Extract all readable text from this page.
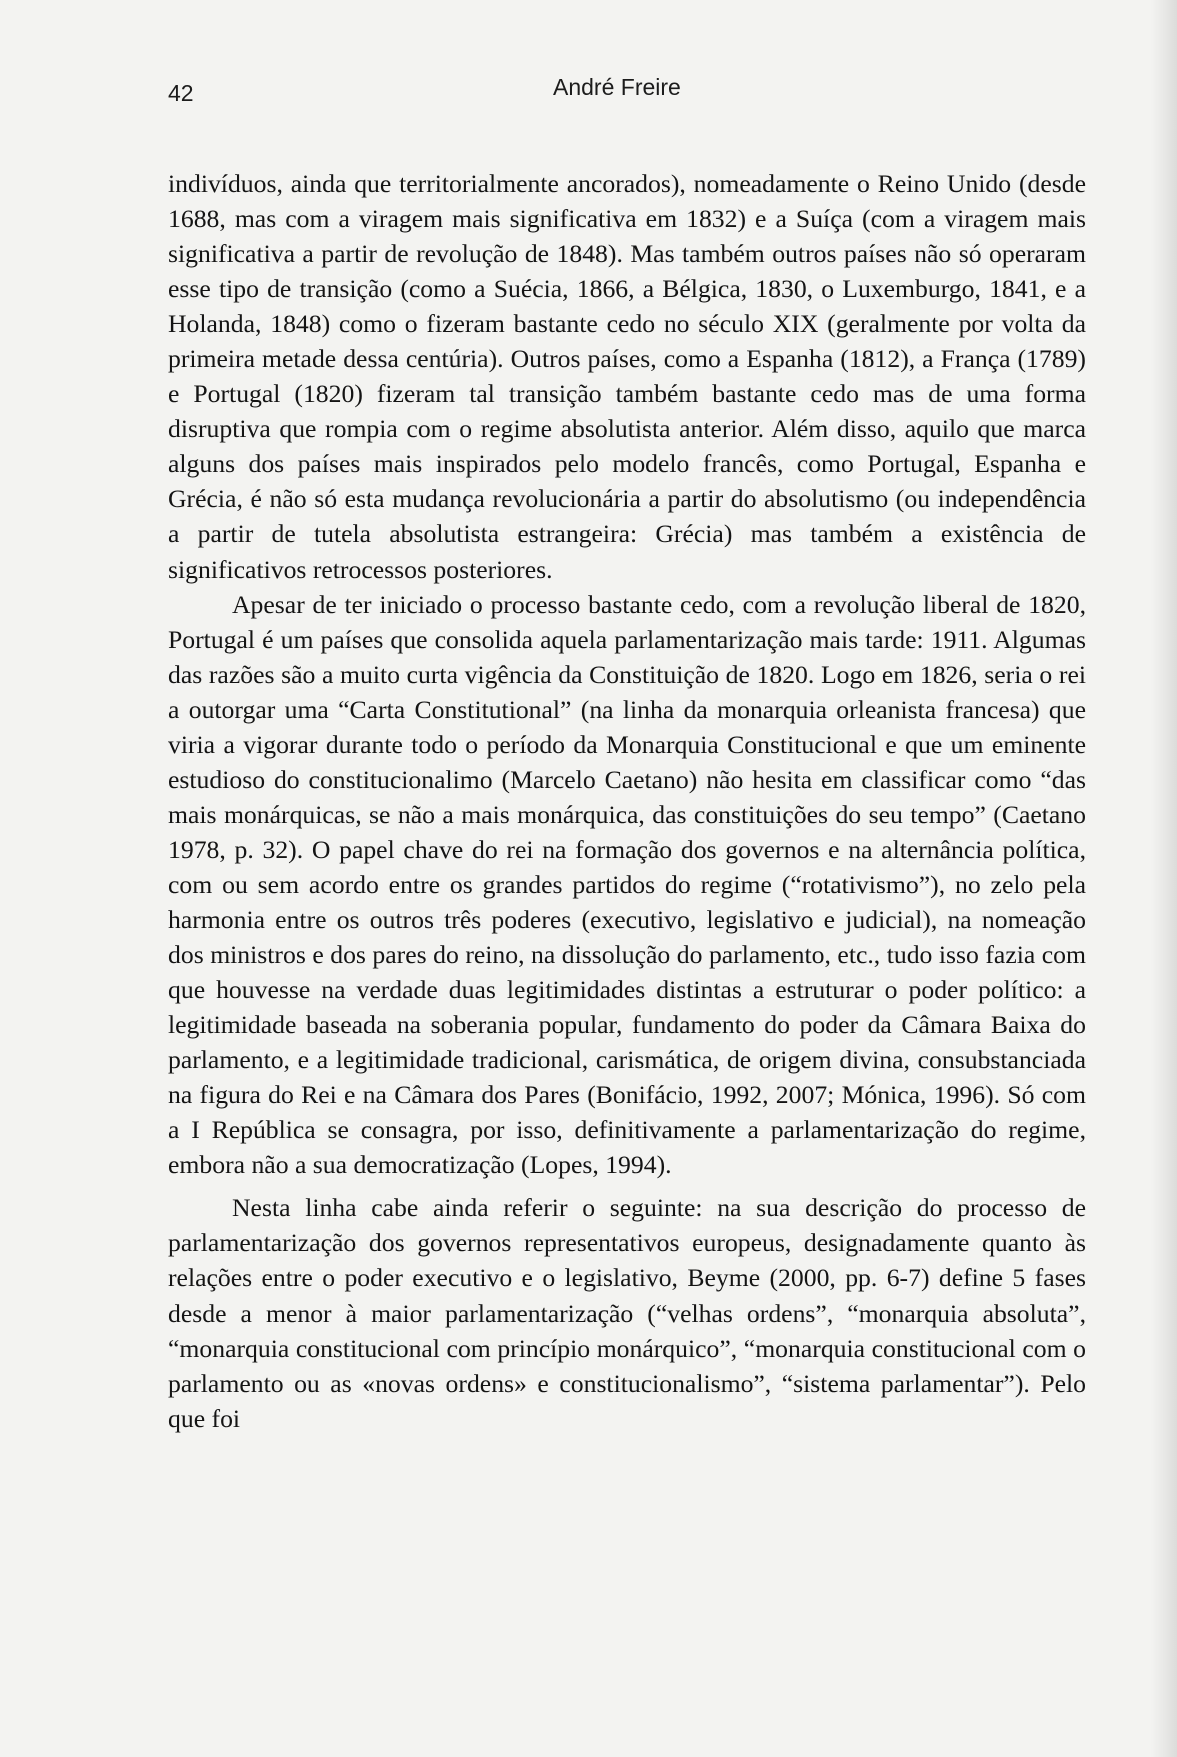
42	André Freire

indivíduos, ainda que territorialmente ancorados), nomeadamente o Reino Unido (desde 1688, mas com a viragem mais significativa em 1832) e a Suíça (com a viragem mais significativa a partir de revolução de 1848). Mas também outros países não só operaram esse tipo de transição (como a Suécia, 1866, a Bélgica, 1830, o Luxemburgo, 1841, e a Holanda, 1848) como o fizeram bastante cedo no século XIX (geralmente por volta da primeira metade dessa centúria). Outros países, como a Espanha (1812), a França (1789) e Portugal (1820) fizeram tal transição também bastante cedo mas de uma forma disruptiva que rompia com o regime absolutista anterior. Além disso, aquilo que marca alguns dos países mais inspirados pelo modelo francês, como Portugal, Espanha e Grécia, é não só esta mudança revolucionária a partir do absolutismo (ou independência a partir de tutela absolutista estrangeira: Grécia) mas também a existência de significativos retrocessos posteriores.

Apesar de ter iniciado o processo bastante cedo, com a revolução liberal de 1820, Portugal é um países que consolida aquela parlamentarização mais tarde: 1911. Algumas das razões são a muito curta vigência da Constituição de 1820. Logo em 1826, seria o rei a outorgar uma “Carta Constitutional” (na linha da monarquia orleanista francesa) que viria a vigorar durante todo o período da Monarquia Constitucional e que um eminente estudioso do constitucionalimo (Marcelo Caetano) não hesita em classificar como “das mais monárquicas, se não a mais monárquica, das constituições do seu tempo” (Caetano 1978, p. 32). O papel chave do rei na formação dos governos e na alternância política, com ou sem acordo entre os grandes partidos do regime (“rotativismo”), no zelo pela harmonia entre os outros três poderes (executivo, legislativo e judicial), na nomeação dos ministros e dos pares do reino, na dissolução do parlamento, etc., tudo isso fazia com que houvesse na verdade duas legitimidades distintas a estruturar o poder político: a legitimidade baseada na soberania popular, fundamento do poder da Câmara Baixa do parlamento, e a legitimidade tradicional, carismática, de origem divina, consubstanciada na figura do Rei e na Câmara dos Pares (Bonifácio, 1992, 2007; Mónica, 1996). Só com a I República se consagra, por isso, definitivamente a parlamentarização do regime, embora não a sua democratização (Lopes, 1994).

Nesta linha cabe ainda referir o seguinte: na sua descrição do processo de parlamentarização dos governos representativos europeus, designadamente quanto às relações entre o poder executivo e o legislativo, Beyme (2000, pp. 6-7) define 5 fases desde a menor à maior parlamentarização (“velhas ordens”, “monarquia absoluta”, “monarquia constitucional com princípio monárquico”, “monarquia constitucional com o parlamento ou as «novas ordens» e constitucionalismo”, “sistema parlamentar”). Pelo que foi
